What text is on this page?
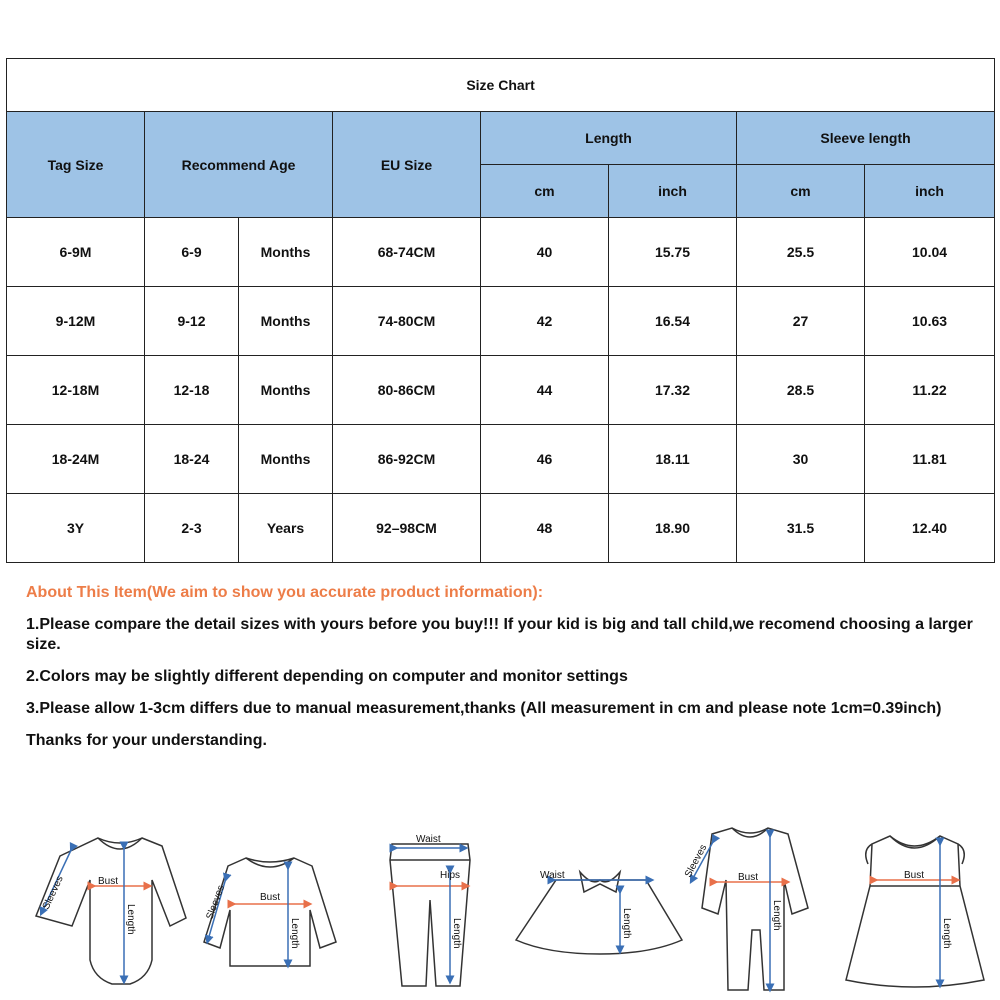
Size Chart							
Tag Size	Recommend Age		EU Size	Length		Sleeve length	
				cm	inch	cm	inch
6-9M	6-9	Months	68-74CM	40	15.75	25.5	10.04
9-12M	9-12	Months	74-80CM	42	16.54	27	10.63
12-18M	12-18	Months	80-86CM	44	17.32	28.5	11.22
18-24M	18-24	Months	86-92CM	46	18.11	30	11.81
3Y	2-3	Years	92–98CM	48	18.90	31.5	12.40

About This Item(We aim to show you accurate product information):

1.Please compare the detail sizes with yours before you buy!!! If your kid is big and tall child,we recomend choosing a larger size.

2.Colors may be slightly different depending on computer and monitor settings

3.Please allow 1-3cm differs due to manual measurement,thanks (All measurement in cm and please note 1cm=0.39inch)

Thanks for your understanding.

Sleeves	Bust
Length	Sleeves	Bust
Length
Waist
Hips
Length
Waist
Length
Sleeves	Bust
Length
Bust
Length
